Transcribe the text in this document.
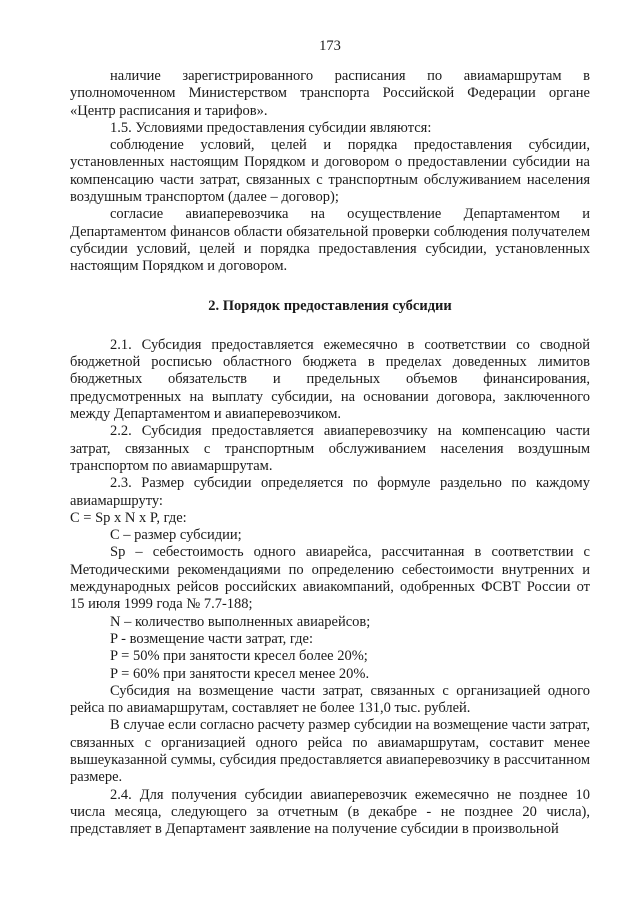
173

наличие зарегистрированного расписания по авиамаршрутам в уполномоченном Министерством транспорта Российской Федерации органе «Центр расписания и тарифов».

1.5. Условиями предоставления субсидии являются:

соблюдение условий, целей и порядка предоставления субсидии, установленных настоящим Порядком и договором о предоставлении субсидии на компенсацию части затрат, связанных с транспортным обслуживанием населения воздушным транспортом (далее – договор);

согласие авиаперевозчика на осуществление Департаментом и Департаментом финансов области обязательной проверки соблюдения получателем субсидии условий, целей и порядка предоставления субсидии, установленных настоящим Порядком и договором.

2. Порядок предоставления субсидии

2.1. Субсидия предоставляется ежемесячно в соответствии со сводной бюджетной росписью областного бюджета в пределах доведенных лимитов бюджетных обязательств и предельных объемов финансирования, предусмотренных на выплату субсидии, на основании договора, заключенного между Департаментом и авиаперевозчиком.

2.2. Субсидия предоставляется авиаперевозчику на компенсацию части затрат, связанных с транспортным обслуживанием населения воздушным транспортом по авиамаршрутам.

2.3. Размер субсидии определяется по формуле раздельно по каждому авиамаршруту:

С = Sp x N x P, где:

С – размер субсидии;

Sp – себестоимость одного авиарейса, рассчитанная в соответствии с Методическими рекомендациями по определению себестоимости внутренних и международных рейсов российских авиакомпаний, одобренных ФСВТ России от 15 июля 1999 года № 7.7-188;

N – количество выполненных авиарейсов;

P - возмещение части затрат, где:

P = 50% при занятости кресел более 20%;

P = 60% при занятости кресел менее 20%.

Субсидия на возмещение части затрат, связанных с организацией одного рейса по авиамаршрутам, составляет не более 131,0 тыс. рублей.

В случае если согласно расчету размер субсидии на возмещение части затрат, связанных с организацией одного рейса по авиамаршрутам, составит менее вышеуказанной суммы, субсидия предоставляется авиаперевозчику в рассчитанном размере.

2.4. Для получения субсидии авиаперевозчик ежемесячно не позднее 10 числа месяца, следующего за отчетным (в декабре - не позднее 20 числа), представляет в Департамент заявление на получение субсидии в произвольной
